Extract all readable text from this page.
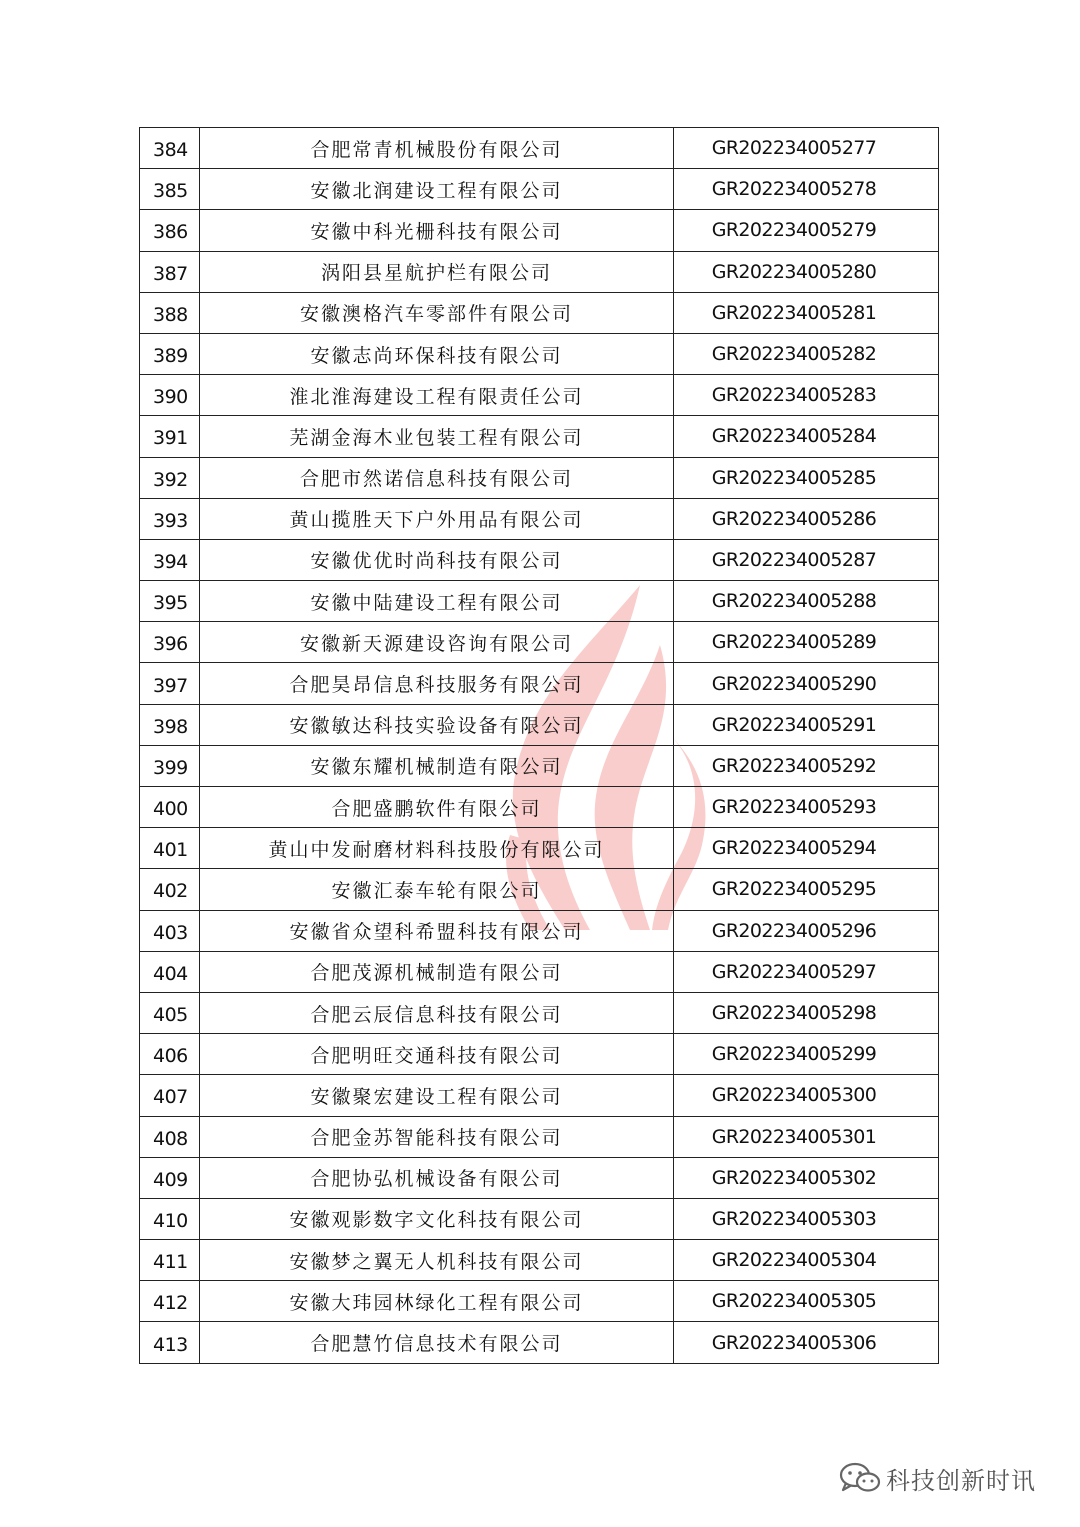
384	合肥常青机械股份有限公司	GR202234005277
385	安徽北润建设工程有限公司	GR202234005278
386	安徽中科光栅科技有限公司	GR202234005279
387	涡阳县星航护栏有限公司	GR202234005280
388	安徽澳格汽车零部件有限公司	GR202234005281
389	安徽志尚环保科技有限公司	GR202234005282
390	淮北淮海建设工程有限责任公司	GR202234005283
391	芜湖金海木业包装工程有限公司	GR202234005284
392	合肥市然诺信息科技有限公司	GR202234005285
393	黄山揽胜天下户外用品有限公司	GR202234005286
394	安徽优优时尚科技有限公司	GR202234005287
395	安徽中陆建设工程有限公司	GR202234005288
396	安徽新天源建设咨询有限公司	GR202234005289
397	合肥昊昂信息科技服务有限公司	GR202234005290
398	安徽敏达科技实验设备有限公司	GR202234005291
399	安徽东耀机械制造有限公司	GR202234005292
400	合肥盛鹏软件有限公司	GR202234005293
401	黄山中发耐磨材料科技股份有限公司	GR202234005294
402	安徽汇泰车轮有限公司	GR202234005295
403	安徽省众望科希盟科技有限公司	GR202234005296
404	合肥茂源机械制造有限公司	GR202234005297
405	合肥云辰信息科技有限公司	GR202234005298
406	合肥明旺交通科技有限公司	GR202234005299
407	安徽聚宏建设工程有限公司	GR202234005300
408	合肥金苏智能科技有限公司	GR202234005301
409	合肥协弘机械设备有限公司	GR202234005302
410	安徽观影数字文化科技有限公司	GR202234005303
411	安徽梦之翼无人机科技有限公司	GR202234005304
412	安徽大玮园林绿化工程有限公司	GR202234005305
413	合肥慧竹信息技术有限公司	GR202234005306
科技创新时讯
